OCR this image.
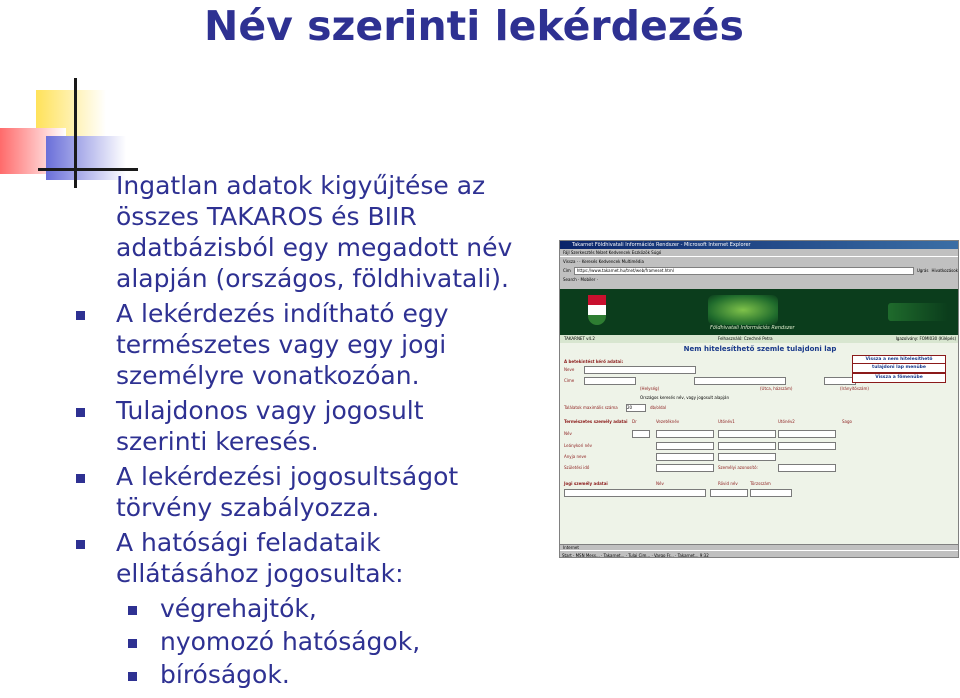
Név szerinti lekérdezés
Ingatlan adatok kigyűjtése az
összes TAKAROS és BIIR
adatbázisból egy megadott név
alapján (országos, földhivatali).
A lekérdezés indítható egy
természetes vagy egy jogi
személyre vonatkozóan.
Tulajdonos vagy jogosult
szerinti keresés.
A lekérdezési jogosultságot
törvény szabályozza.
A hatósági feladataik
ellátásához jogosultak:
végrehajtók,
nyomozó hatóságok,
bíróságok.
Takarnet Földhivatali Információs Rendszer - Microsoft Internet Explorer
Fájl Szerkesztés Nézet Kedvencek Eszközök Súgó
Vissza · · Keresés Kedvencek Multimédia
Cím	https://www.takarnet.hu/tnet/web/frameset.html	Ugrás Hivatkozások
Search · Mobiler ·
Földhivatali Információs Rendszer
TAKARNET v4.2	Felhasználó: Czechné Petra	Igazolvány: FOMI030 (Kilépés)
Nem hitelesíthető szemle tulajdoni lap
A betekintést kérő adatai:
Neve
Címe
(Helység)	(Utca, házszám)	(Irányítószám)
Országos keresés név, vagy jogosult alapján
Találatok maximális száma 20	db/oldal
Természetes személy adatai Dr	Vezetéknév	Utónév1	Utónév2	Sago
Név
Leánykori név
Anyja neve
Születési idő	Személyi azonosító:
Jogi személy adatai	Név	Rövid név	Törzsszám
Vissza a nem hitelesíthető
tulajdoni lap menübe
Vissza a főmenübe
Internet
Start · MSN Mess... · Takarnet... · Tulaj Cim... · Vargo Fr... · Takarnet... 9:32
